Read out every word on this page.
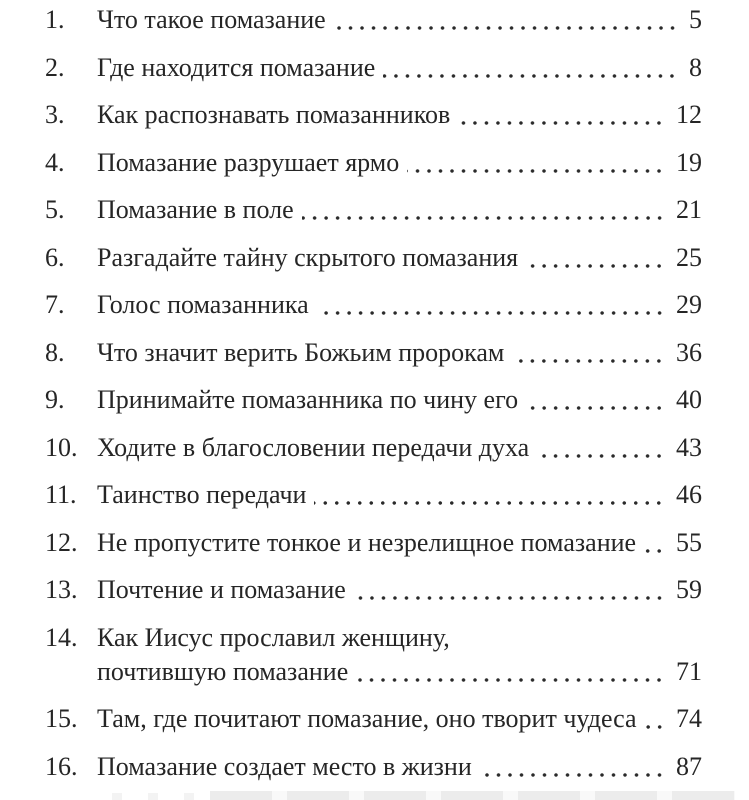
1.	Что такое помазание	5
2.	Где находится помазание	8
3.	Как распознавать помазанников	12
4.	Помазание разрушает ярмо	19
5.	Помазание в поле	21
6.	Разгадайте тайну скрытого помазания	25
7.	Голос помазанника	29
8.	Что значит верить Божьим пророкам	36
9.	Принимайте помазанника по чину его	40
10. Ходите в благословении передачи духа	43
11. Таинство передачи	46
12. Не пропустите тонкое и незрелищное помазание 55
13. Почтение и помазание	59
14. Как Иисус прославил женщину,
почтившую помазание	71
15. Там, где почитают помазание, оно творит чудеса 74
16. Помазание создает место в жизни	87
